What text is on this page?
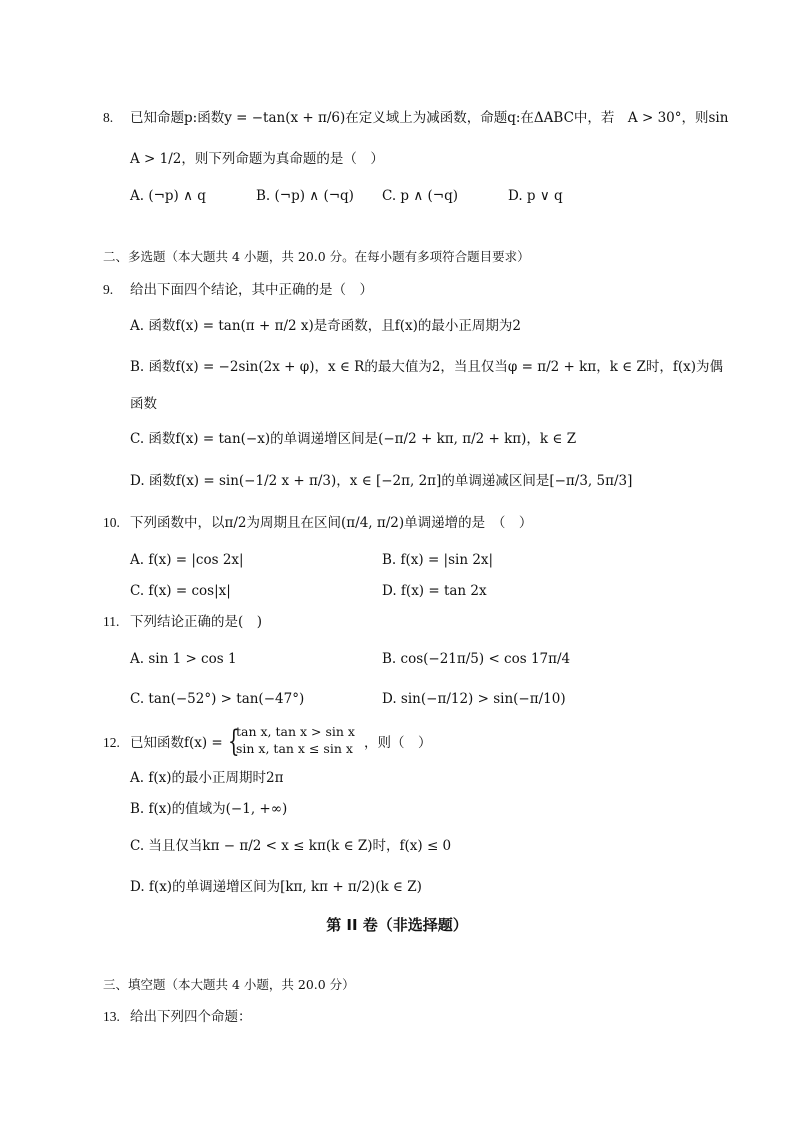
8. 已知命题p:函数y = −tan(x + π/6)在定义域上为减函数，命题q:在ΔABC中，若　A > 30°，则sin
A > 1/2，则下列命题为真命题的是（　）
A. (¬p) ∧ q	B. (¬p) ∧ (¬q) C. p ∧ (¬q)	D. p ∨ q
二、多选题（本大题共 4 小题，共 20.0 分。在每小题有多项符合题目要求）
9. 给出下面四个结论，其中正确的是（　）
A. 函数f(x) = tan(π + π/2 x)是奇函数，且f(x)的最小正周期为2
B. 函数f(x) = −2sin(2x + φ)，x ∈ R的最大值为2，当且仅当φ = π/2 + kπ，k ∈ Z时，f(x)为偶
函数
C. 函数f(x) = tan(−x)的单调递增区间是(−π/2 + kπ, π/2 + kπ)，k ∈ Z
D. 函数f(x) = sin(−1/2 x + π/3)，x ∈ [−2π, 2π]的单调递减区间是[−π/3, 5π/3]
10. 下列函数中，以π/2为周期且在区间(π/4, π/2)单调递增的是　（　）
A. f(x) = |cos 2x|	B. f(x) = |sin 2x|
C. f(x) = cos|x|	D. f(x) = tan 2x
11. 下列结论正确的是(　)
A. sin 1 > cos 1	B. cos(−21π/5) < cos 17π/4
C. tan(−52°) > tan(−47°)	D. sin(−π/12) > sin(−π/10)
12. 已知函数f(x) = {
tan x, tan x > sin x
sin x, tan x ≤ sin x ，则（　）
A. f(x)的最小正周期时2π
B. f(x)的值域为(−1, +∞)
C. 当且仅当kπ − π/2 < x ≤ kπ(k ∈ Z)时，f(x) ≤ 0
D. f(x)的单调递增区间为[kπ, kπ + π/2)(k ∈ Z)
第 II 卷（非选择题）
三、填空题（本大题共 4 小题，共 20.0 分）
13. 给出下列四个命题：
